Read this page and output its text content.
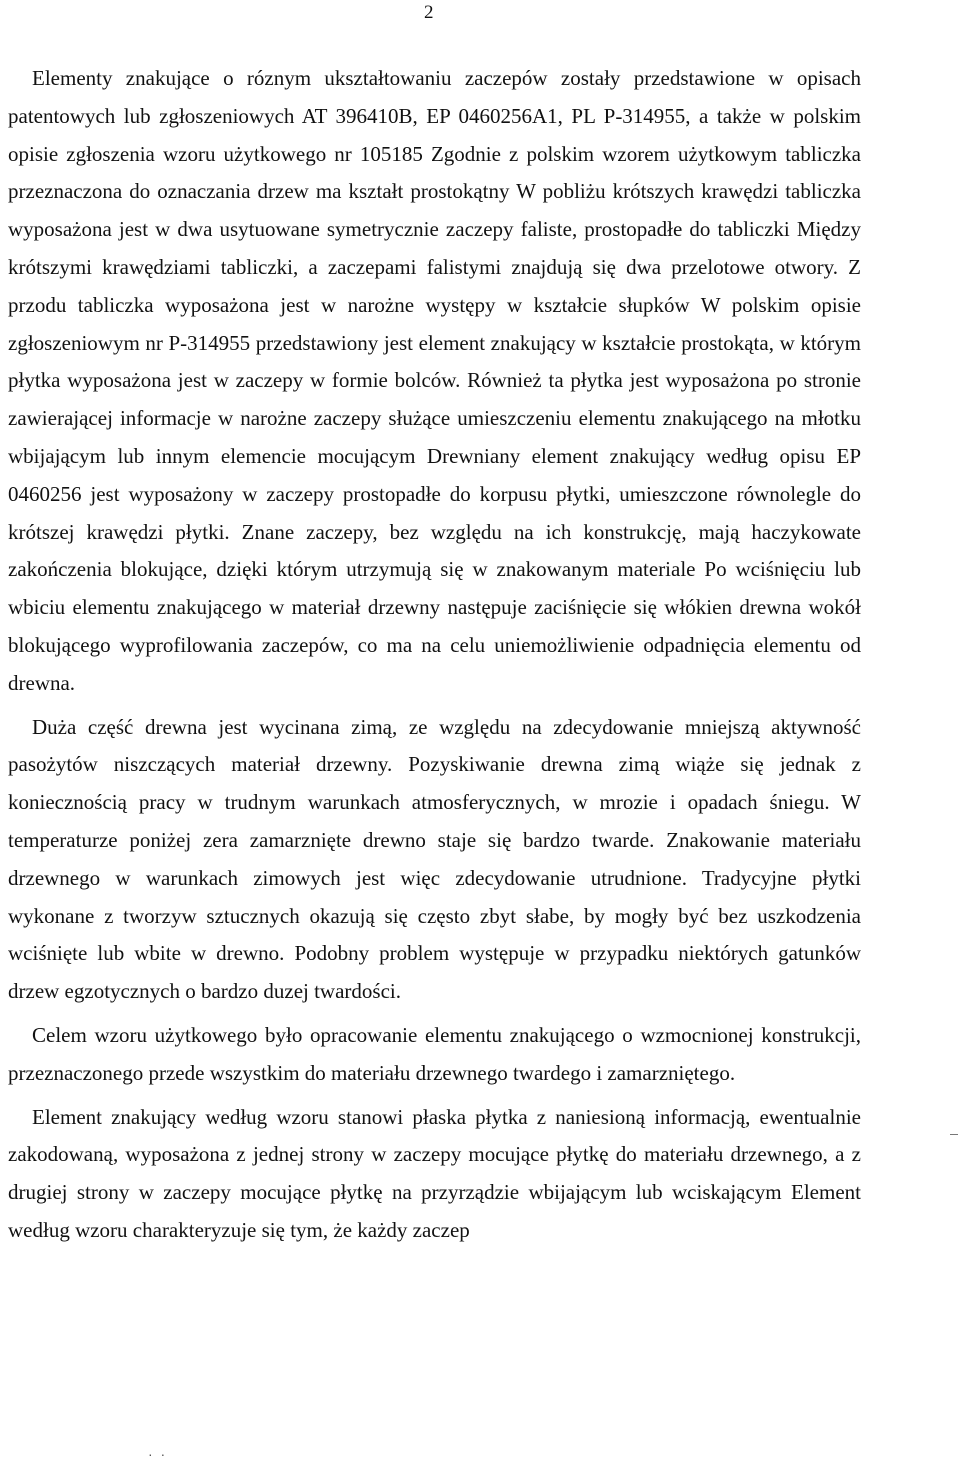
2

Elementy znakujące o róznym ukształtowaniu zaczepów zostały przedstawione w opisach patentowych lub zgłoszeniowych AT 396410B, EP 0460256A1, PL P-314955, a także w polskim opisie zgłoszenia wzoru użytkowego nr 105185 Zgodnie z polskim wzorem użytkowym tabliczka przeznaczona do oznaczania drzew ma kształt prostokątny W pobliżu krótszych krawędzi tabliczka wyposażona jest w dwa usytuowane symetrycznie zaczepy faliste, prostopadłe do tabliczki Między krótszymi krawędziami tabliczki, a zaczepami falistymi znajdują się dwa przelotowe otwory. Z przodu tabliczka wyposażona jest w narożne występy w kształcie słupków W polskim opisie zgłoszeniowym nr P-314955 przedstawiony jest element znakujący w kształcie prostokąta, w którym płytka wyposażona jest w zaczepy w formie bolców. Również ta płytka jest wyposażona po stronie zawierającej informacje w narożne zaczepy służące umieszczeniu elementu znakującego na młotku wbijającym lub innym elemencie mocującym Drewniany element znakujący według opisu EP 0460256 jest wyposażony w zaczepy prostopadłe do korpusu płytki, umieszczone równolegle do krótszej krawędzi płytki. Znane zaczepy, bez względu na ich konstrukcję, mają haczykowate zakończenia blokujące, dzięki którym utrzymują się w znakowanym materiale Po wciśnięciu lub wbiciu elementu znakującego w materiał drzewny następuje zaciśnięcie się włókien drewna wokół blokującego wyprofilowania zaczepów, co ma na celu uniemożliwienie odpadnięcia elementu od drewna.

Duża część drewna jest wycinana zimą, ze względu na zdecydowanie mniejszą aktywność pasożytów niszczących materiał drzewny. Pozyskiwanie drewna zimą wiąże się jednak z koniecznością pracy w trudnym warunkach atmosferycznych, w mrozie i opadach śniegu. W temperaturze poniżej zera zamarznięte drewno staje się bardzo twarde. Znakowanie materiału drzewnego w warunkach zimowych jest więc zdecydowanie utrudnione. Tradycyjne płytki wykonane z tworzyw sztucznych okazują się często zbyt słabe, by mogły być bez uszkodzenia wciśnięte lub wbite w drewno. Podobny problem występuje w przypadku niektórych gatunków drzew egzotycznych o bardzo duzej twardości.

Celem wzoru użytkowego było opracowanie elementu znakującego o wzmocnionej konstrukcji, przeznaczonego przede wszystkim do materiału drzewnego twardego i zamarzniętego.

Element znakujący według wzoru stanowi płaska płytka z naniesioną informacją, ewentualnie zakodowaną, wyposażona z jednej strony w zaczepy mocujące płytkę do materiału drzewnego, a z drugiej strony w zaczepy mocujące płytkę na przyrządzie wbijającym lub wciskającym Element według wzoru charakteryzuje się tym, że każdy zaczep

·  ·
